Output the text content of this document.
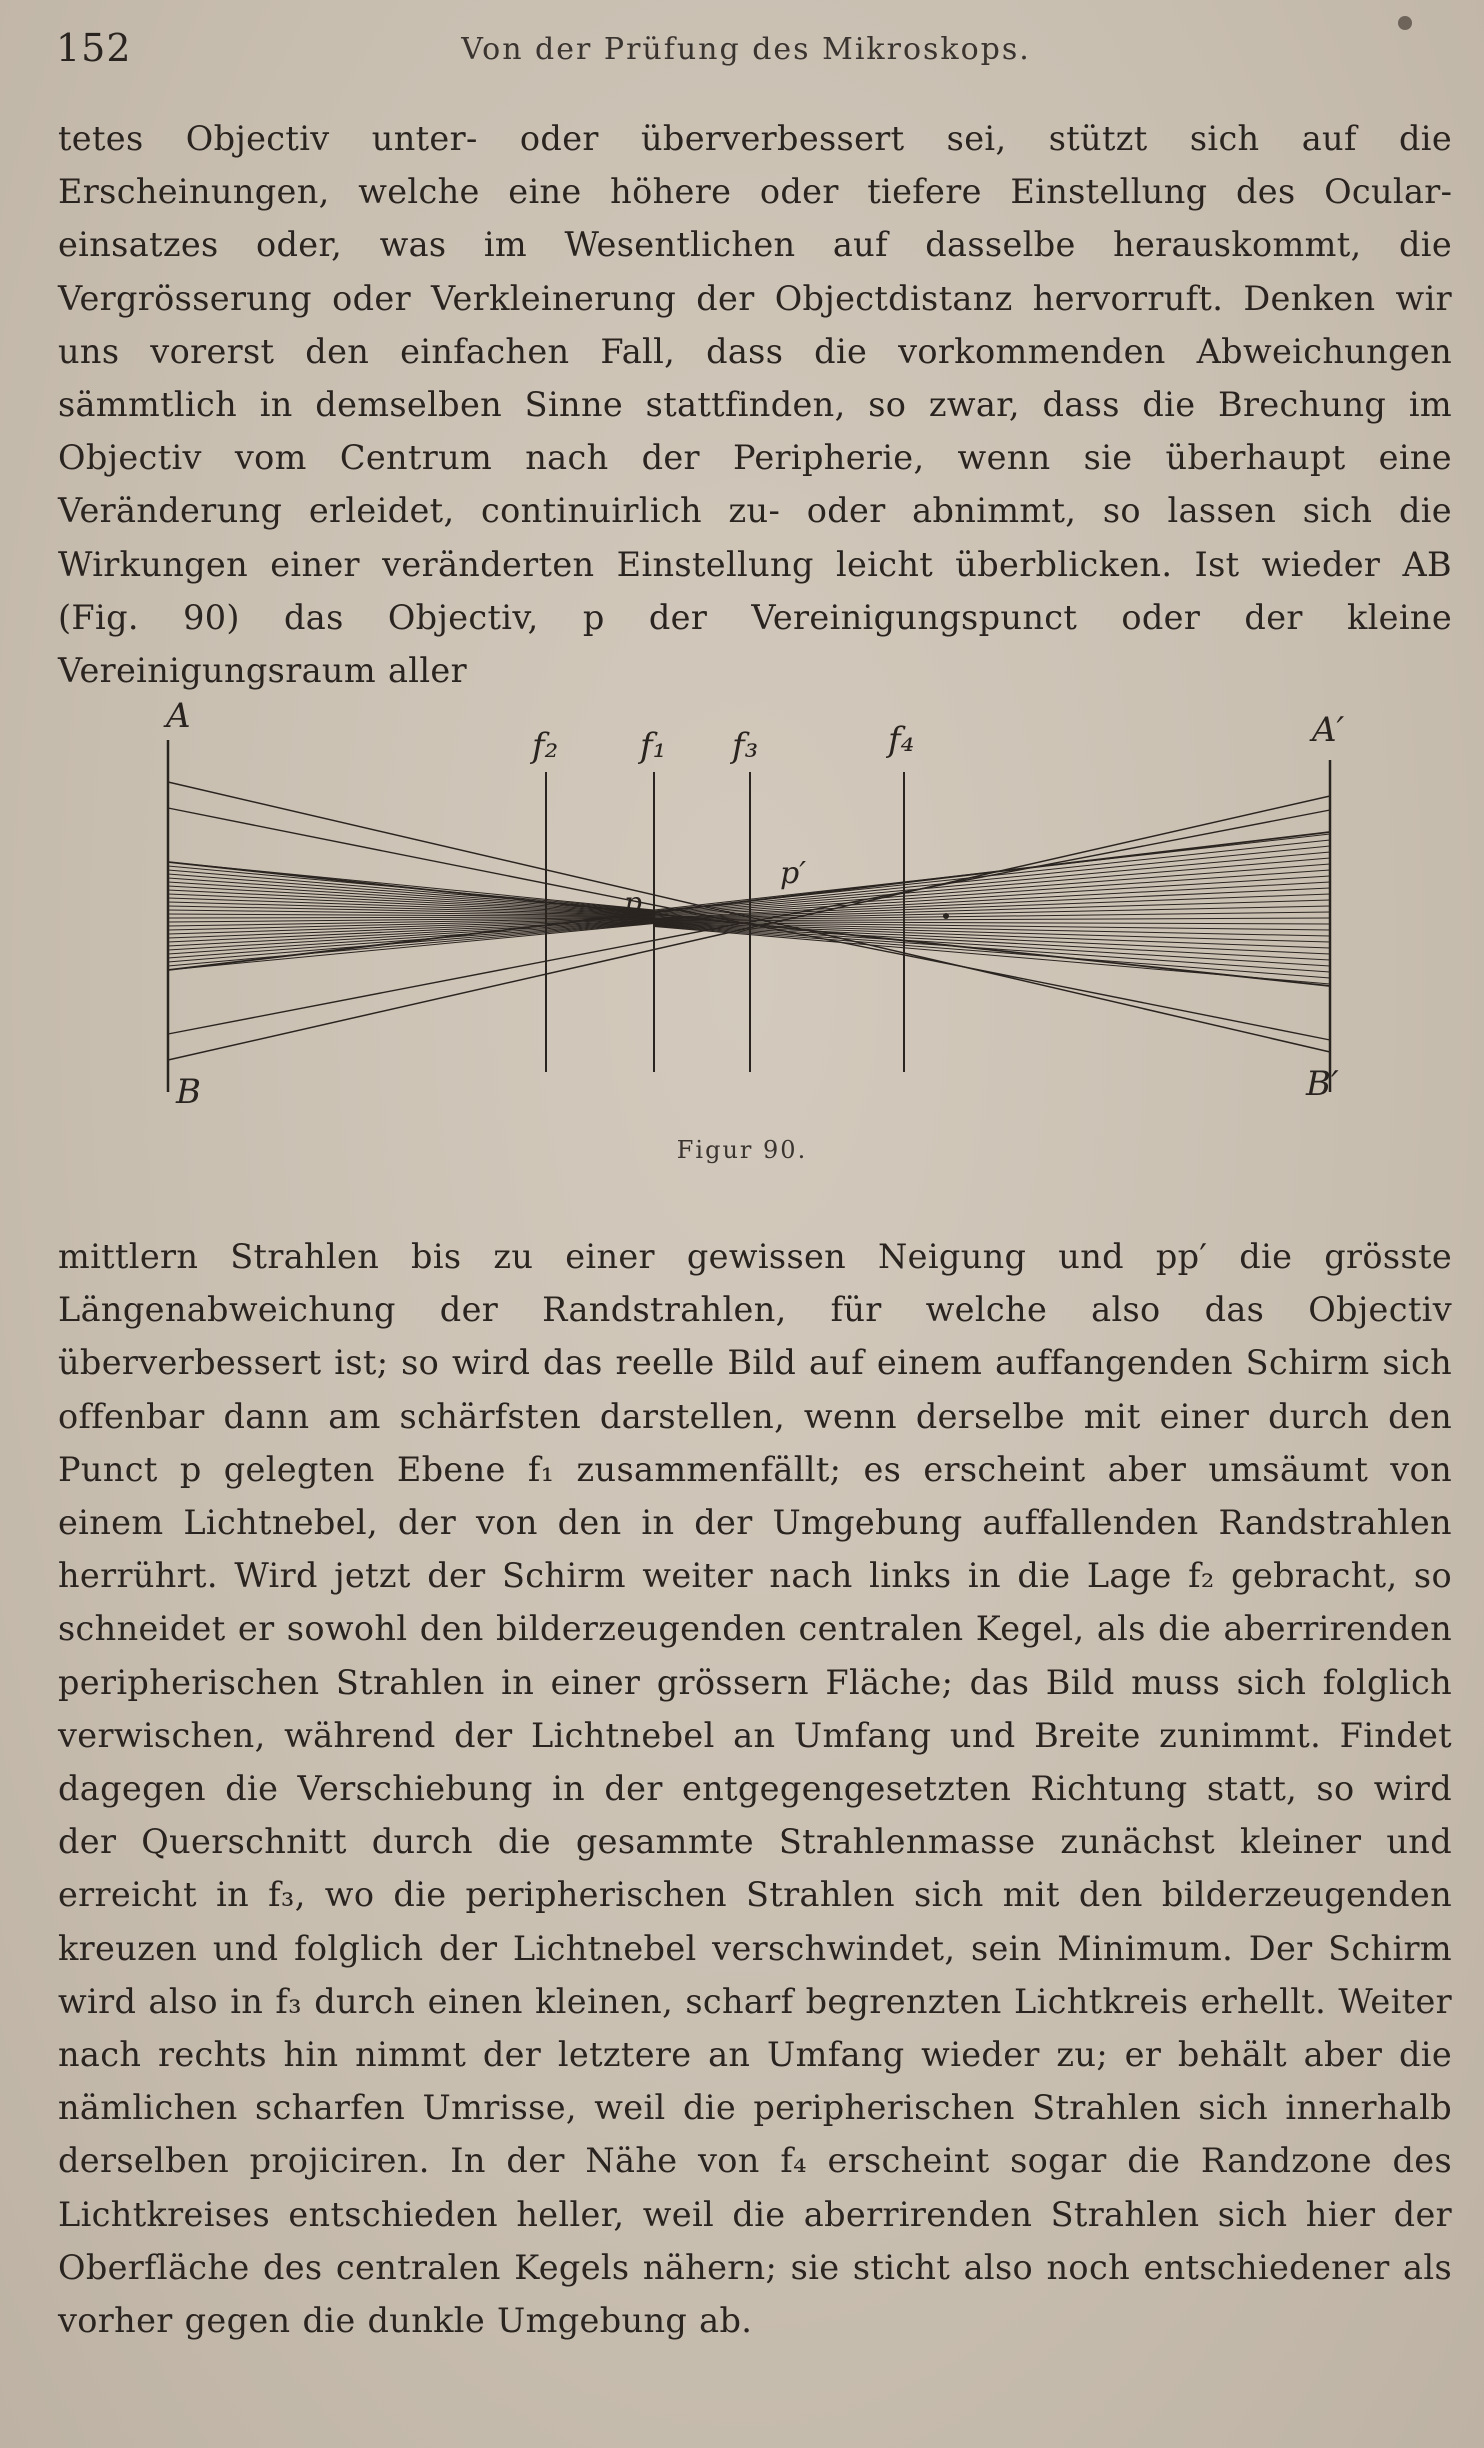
152	Von der Prüfung des Mikroskops.
tetes Objectiv unter- oder überverbessert sei, stützt sich auf die Erscheinungen, welche eine höhere oder tiefere Einstellung des Oculareinsatzes oder, was im Wesentlichen auf dasselbe herauskommt, die Vergrösserung oder Verkleinerung der Objectdistanz hervorruft. Denken wir uns vorerst den einfachen Fall, dass die vorkommenden Abweichungen sämmtlich in demselben Sinne stattfinden, so zwar, dass die Brechung im Objectiv vom Centrum nach der Peripherie, wenn sie überhaupt eine Veränderung erleidet, continuirlich zu- oder abnimmt, so lassen sich die Wirkungen einer veränderten Einstellung leicht überblicken. Ist wieder AB (Fig. 90) das Objectiv, p der Vereinigungspunct oder der kleine Vereinigungsraum aller
A
B
A′
B′
f₂ f₁ f₃	f₄
p
p′
Figur 90.
mittlern Strahlen bis zu einer gewissen Neigung und pp′ die grösste Längenabweichung der Randstrahlen, für welche also das Objectiv überverbessert ist; so wird das reelle Bild auf einem auffangenden Schirm sich offenbar dann am schärfsten darstellen, wenn derselbe mit einer durch den Punct p gelegten Ebene f₁ zusammenfällt; es erscheint aber umsäumt von einem Lichtnebel, der von den in der Umgebung auffallenden Randstrahlen herrührt. Wird jetzt der Schirm weiter nach links in die Lage f₂ gebracht, so schneidet er sowohl den bilderzeugenden centralen Kegel, als die aberrirenden peripherischen Strahlen in einer grössern Fläche; das Bild muss sich folglich verwischen, während der Lichtnebel an Umfang und Breite zunimmt. Findet dagegen die Verschiebung in der entgegengesetzten Richtung statt, so wird der Querschnitt durch die gesammte Strahlenmasse zunächst kleiner und erreicht in f₃, wo die peripherischen Strahlen sich mit den bilderzeugenden kreuzen und folglich der Lichtnebel verschwindet, sein Minimum. Der Schirm wird also in f₃ durch einen kleinen, scharf begrenzten Lichtkreis erhellt. Weiter nach rechts hin nimmt der letztere an Umfang wieder zu; er behält aber die nämlichen scharfen Umrisse, weil die peripherischen Strahlen sich innerhalb derselben projiciren. In der Nähe von f₄ erscheint sogar die Randzone des Lichtkreises entschieden heller, weil die aberrirenden Strahlen sich hier der Oberfläche des centralen Kegels nähern; sie sticht also noch entschiedener als vorher gegen die dunkle Umgebung ab.
